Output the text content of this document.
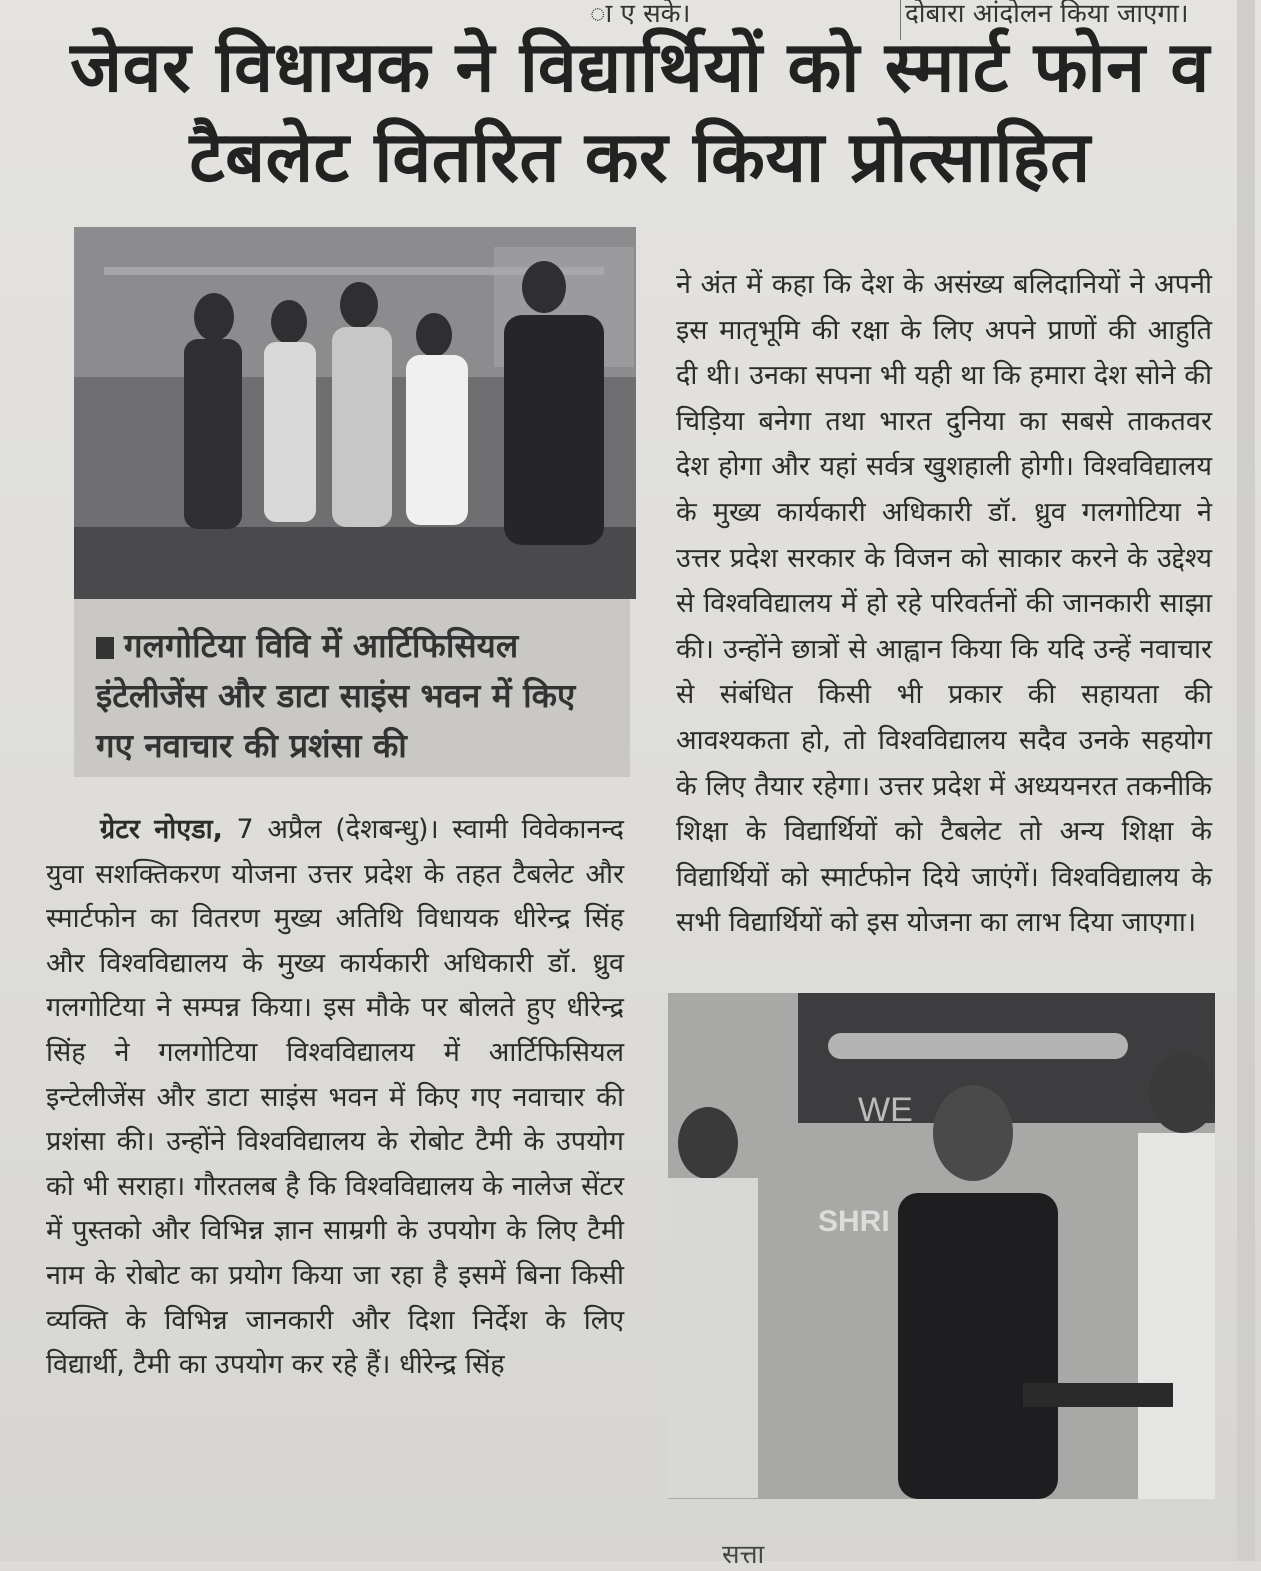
ा ए सके।	दोबारा आंदोलन किया जाएगा।
जेवर विधायक ने विद्यार्थियों को स्मार्ट फोन व टैबलेट वितरित कर किया प्रोत्साहित
गलगोटिया विवि में आर्टिफिसियल इंटेलीजेंस और डाटा साइंस भवन में किए गए नवाचार की प्रशंसा की

ग्रेटर नोएडा, 7 अप्रैल (देशबन्धु)। स्वामी विवेकानन्द युवा सशक्तिकरण योजना उत्तर प्रदेश के तहत टैबलेट और स्मार्टफोन का वितरण मुख्य अतिथि विधायक धीरेन्द्र सिंह और विश्वविद्यालय के मुख्य कार्यकारी अधिकारी डॉ. ध्रुव गलगोटिया ने सम्पन्न किया। इस मौके पर बोलते हुए धीरेन्द्र सिंह ने गलगोटिया विश्वविद्यालय में आर्टिफिसियल इन्टेलीजेंस और डाटा साइंस भवन में किए गए नवाचार की प्रशंसा की। उन्होंने विश्वविद्यालय के रोबोट टैमी के उपयोग को भी सराहा। गौरतलब है कि विश्वविद्यालय के नालेज सेंटर में पुस्तको और विभिन्न ज्ञान साम्रगी के उपयोग के लिए टैमी नाम के रोबोट का प्रयोग किया जा रहा है इसमें बिना किसी व्यक्ति के विभिन्न जानकारी और दिशा निर्देश के लिए विद्यार्थी, टैमी का उपयोग कर रहे हैं। धीरेन्द्र सिंह

ने अंत में कहा कि देश के असंख्य बलिदानियों ने अपनी इस मातृभूमि की रक्षा के लिए अपने प्राणों की आहुति दी थी। उनका सपना भी यही था कि हमारा देश सोने की चिड़िया बनेगा तथा भारत दुनिया का सबसे ताकतवर देश होगा और यहां सर्वत्र खुशहाली होगी। विश्वविद्यालय के मुख्य कार्यकारी अधिकारी डॉ. ध्रुव गलगोटिया ने उत्तर प्रदेश सरकार के विजन को साकार करने के उद्देश्य से विश्वविद्यालय में हो रहे परिवर्तनों की जानकारी साझा की। उन्होंने छात्रों से आह्वान किया कि यदि उन्हें नवाचार से संबंधित किसी भी प्रकार की सहायता की आवश्यकता हो, तो विश्वविद्यालय सदैव उनके सहयोग के लिए तैयार रहेगा। उत्तर प्रदेश में अध्ययनरत तकनीकि शिक्षा के विद्यार्थियों को टैबलेट तो अन्य शिक्षा के विद्यार्थियों को स्मार्टफोन दिये जाएंगें। विश्वविद्यालय के सभी विद्यार्थियों को इस योजना का लाभ दिया जाएगा।

WE
SHRI
सत्ता
